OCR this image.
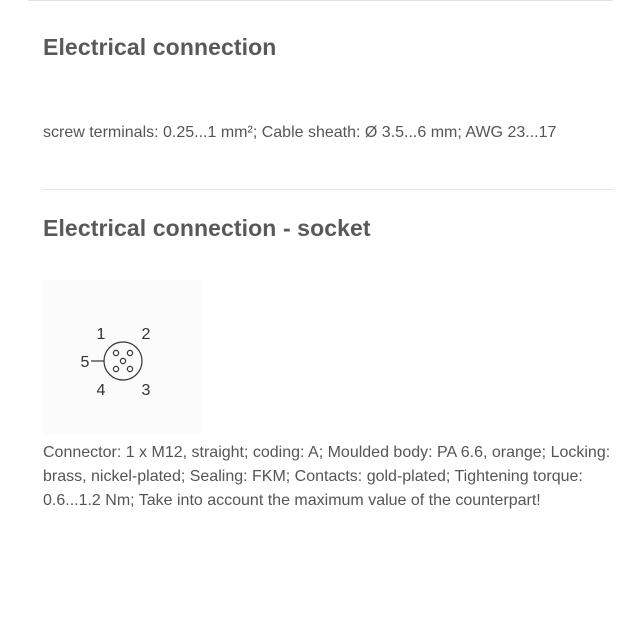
Electrical connection

screw terminals: 0.25...1 mm²; Cable sheath: Ø 3.5...6 mm; AWG 23...17

Electrical connection - socket
1 2
3
4
5

Connector: 1 x M12, straight; coding: A; Moulded body: PA 6.6, orange; Locking: brass, nickel-plated; Sealing: FKM; Contacts: gold-plated; Tightening torque: 0.6...1.2 Nm; Take into account the maximum value of the counterpart!
